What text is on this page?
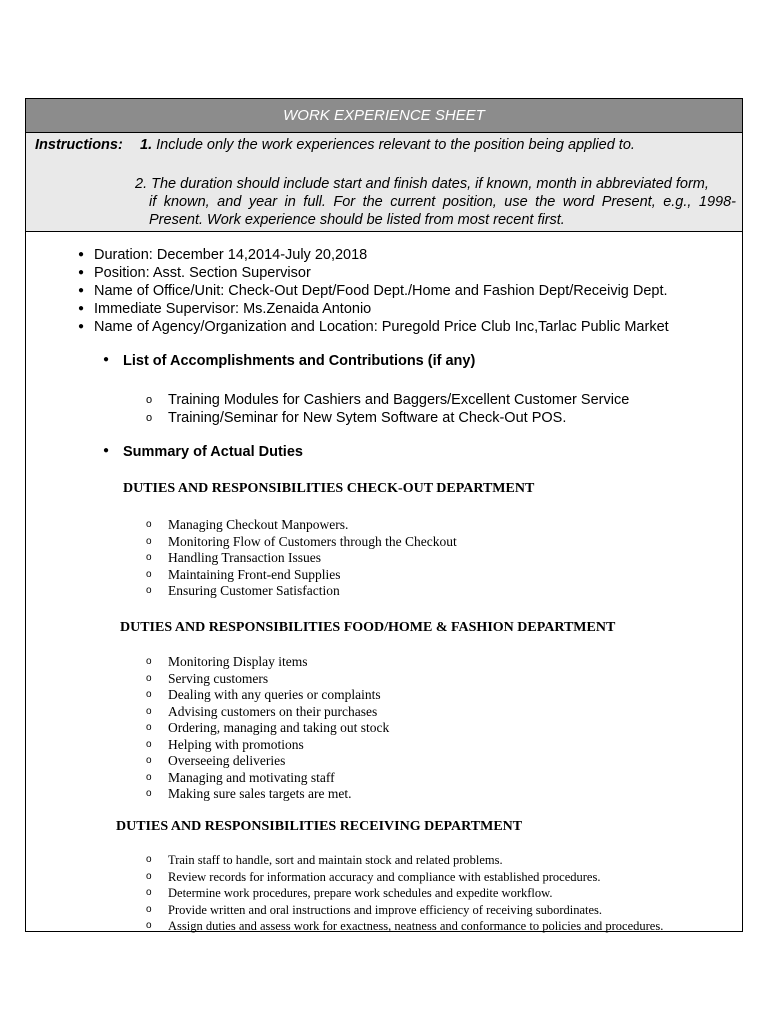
WORK EXPERIENCE SHEET
Instructions: 1. Include only the work experiences relevant to the position being applied to.
2. The duration should include start and finish dates, if known, month in abbreviated form,
if known, and year in full. For the current position, use the word Present, e.g., 1998-Present. Work experience should be listed from most recent first.
● Duration: December 14,2014-July 20,2018
● Position: Asst. Section Supervisor
● Name of Office/Unit: Check-Out Dept/Food Dept./Home and Fashion Dept/Receivig Dept.
● Immediate Supervisor: Ms.Zenaida Antonio
● Name of Agency/Organization and Location: Puregold Price Club Inc,Tarlac Public Market
● List of Accomplishments and Contributions (if any)
o Training Modules for Cashiers and Baggers/Excellent Customer Service
o Training/Seminar for New Sytem Software at Check-Out POS.
● Summary of Actual Duties
DUTIES AND RESPONSIBILITIES CHECK-OUT DEPARTMENT
o Managing Checkout Manpowers.
o Monitoring Flow of Customers through the Checkout
o Handling Transaction Issues
o Maintaining Front-end Supplies
o Ensuring Customer Satisfaction
DUTIES AND RESPONSIBILITIES FOOD/HOME & FASHION DEPARTMENT
o Monitoring Display items
o Serving customers
o Dealing with any queries or complaints
o Advising customers on their purchases
o Ordering, managing and taking out stock
o Helping with promotions
o Overseeing deliveries
o Managing and motivating staff
o Making sure sales targets are met.
DUTIES AND RESPONSIBILITIES RECEIVING DEPARTMENT
o Train staff to handle, sort and maintain stock and related problems.
o Review records for information accuracy and compliance with established procedures.
o Determine work procedures, prepare work schedules and expedite workflow.
o Provide written and oral instructions and improve efficiency of receiving subordinates.
o Assign duties and assess work for exactness, neatness and conformance to policies and procedures.
